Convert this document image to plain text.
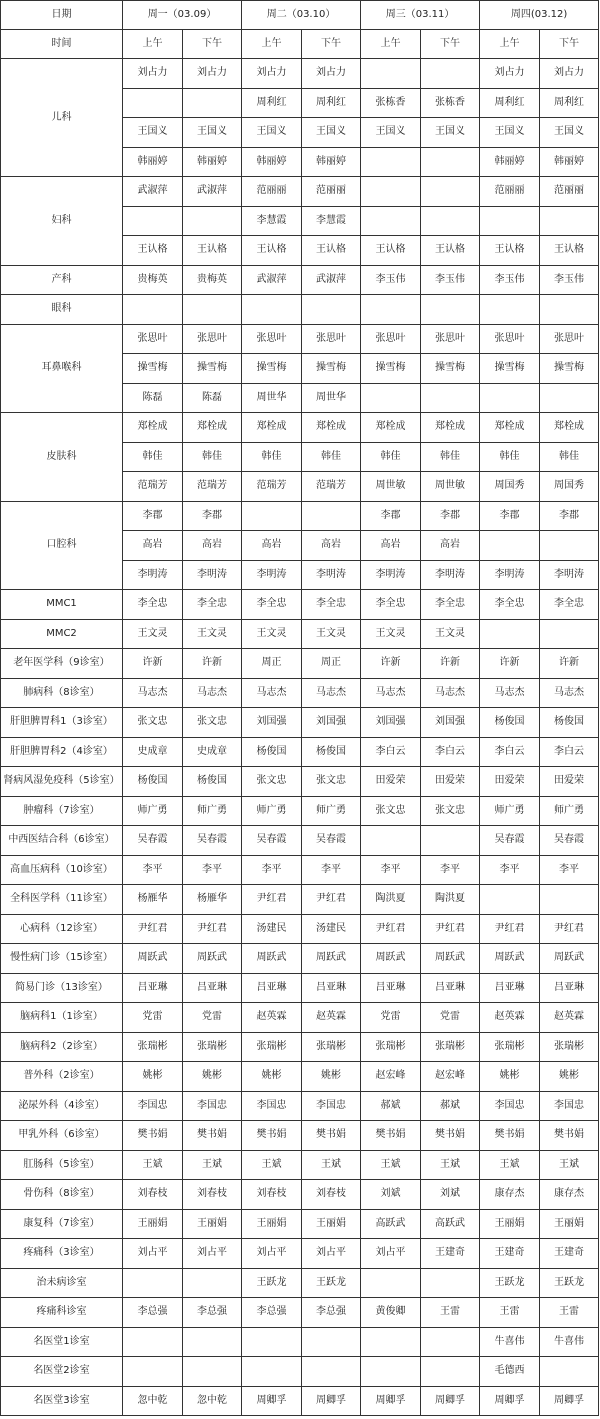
日期	周一（03.09）		周二（03.10）		周三（03.11）		周四(03.12)	
时间	上午	下午	上午	下午	上午	下午	上午	下午
儿科	刘占力	刘占力	刘占力	刘占力			刘占力	刘占力
			周利红	周利红	张栋香	张栋香	周利红	周利红
	王国义	王国义	王国义	王国义	王国义	王国义	王国义	王国义
	韩丽婷	韩丽婷	韩丽婷	韩丽婷			韩丽婷	韩丽婷
妇科	武淑萍	武淑萍	范丽丽	范丽丽			范丽丽	范丽丽
			李慧霞	李慧霞				
	王认格	王认格	王认格	王认格	王认格	王认格	王认格	王认格
产科	贵梅英	贵梅英	武淑萍	武淑萍	李玉伟	李玉伟	李玉伟	李玉伟
眼科								
耳鼻喉科	张思叶	张思叶	张思叶	张思叶	张思叶	张思叶	张思叶	张思叶
	操雪梅	操雪梅	操雪梅	操雪梅	操雪梅	操雪梅	操雪梅	操雪梅
	陈磊	陈磊	周世华	周世华				
皮肤科	郑栓成	郑栓成	郑栓成	郑栓成	郑栓成	郑栓成	郑栓成	郑栓成
	韩佳	韩佳	韩佳	韩佳	韩佳	韩佳	韩佳	韩佳
	范瑞芳	范瑞芳	范瑞芳	范瑞芳	周世敏	周世敏	周国秀	周国秀
口腔科	李郡	李郡			李郡	李郡	李郡	李郡
	高岩	高岩	高岩	高岩	高岩	高岩		
	李明涛	李明涛	李明涛	李明涛	李明涛	李明涛	李明涛	李明涛
MMC1	李全忠	李全忠	李全忠	李全忠	李全忠	李全忠	李全忠	李全忠
MMC2	王文灵	王文灵	王文灵	王文灵	王文灵	王文灵		
老年医学科（9诊室）	许新	许新	周正	周正	许新	许新	许新	许新
肺病科（8诊室）	马志杰	马志杰	马志杰	马志杰	马志杰	马志杰	马志杰	马志杰
肝胆脾胃科1（3诊室）	张文忠	张文忠	刘国强	刘国强	刘国强	刘国强	杨俊国	杨俊国
肝胆脾胃科2（4诊室）	史成章	史成章	杨俊国	杨俊国	李白云	李白云	李白云	李白云
肾病风湿免疫科（5诊室）	杨俊国	杨俊国	张文忠	张文忠	田爱荣	田爱荣	田爱荣	田爱荣
肿瘤科（7诊室）	师广勇	师广勇	师广勇	师广勇	张文忠	张文忠	师广勇	师广勇
中西医结合科（6诊室）	吴春霞	吴春霞	吴春霞	吴春霞			吴春霞	吴春霞
高血压病科（10诊室）	李平	李平	李平	李平	李平	李平	李平	李平
全科医学科（11诊室）	杨雁华	杨雁华	尹红君	尹红君	陶洪夏	陶洪夏		
心病科（12诊室）	尹红君	尹红君	汤建民	汤建民	尹红君	尹红君	尹红君	尹红君
慢性病门诊（15诊室）	周跃武	周跃武	周跃武	周跃武	周跃武	周跃武	周跃武	周跃武
简易门诊（13诊室）	吕亚琳	吕亚琳	吕亚琳	吕亚琳	吕亚琳	吕亚琳	吕亚琳	吕亚琳
脑病科1（1诊室）	党雷	党雷	赵英霖	赵英霖	党雷	党雷	赵英霖	赵英霖
脑病科2（2诊室）	张瑞彬	张瑞彬	张瑞彬	张瑞彬	张瑞彬	张瑞彬	张瑞彬	张瑞彬
普外科（2诊室）	姚彬	姚彬	姚彬	姚彬	赵宏峰	赵宏峰	姚彬	姚彬
泌尿外科（4诊室）	李国忠	李国忠	李国忠	李国忠	郝斌	郝斌	李国忠	李国忠
甲乳外科（6诊室）	樊书娟	樊书娟	樊书娟	樊书娟	樊书娟	樊书娟	樊书娟	樊书娟
肛肠科（5诊室）	王斌	王斌	王斌	王斌	王斌	王斌	王斌	王斌
骨伤科（8诊室）	刘春枝	刘春枝	刘春枝	刘春枝	刘斌	刘斌	康存杰	康存杰
康复科（7诊室）	王丽娟	王丽娟	王丽娟	王丽娟	高跃武	高跃武	王丽娟	王丽娟
疼痛科（3诊室）	刘占平	刘占平	刘占平	刘占平	刘占平	王建奇	王建奇	王建奇
治未病诊室			王跃龙	王跃龙			王跃龙	王跃龙
疼痛科诊室	李总强	李总强	李总强	李总强	黄俊卿	王雷	王雷	王雷
名医堂1诊室							牛喜伟	牛喜伟
名医堂2诊室							毛德西	
名医堂3诊室	忽中乾	忽中乾	周卿孚	周卿孚	周卿孚	周卿孚	周卿孚	周卿孚
